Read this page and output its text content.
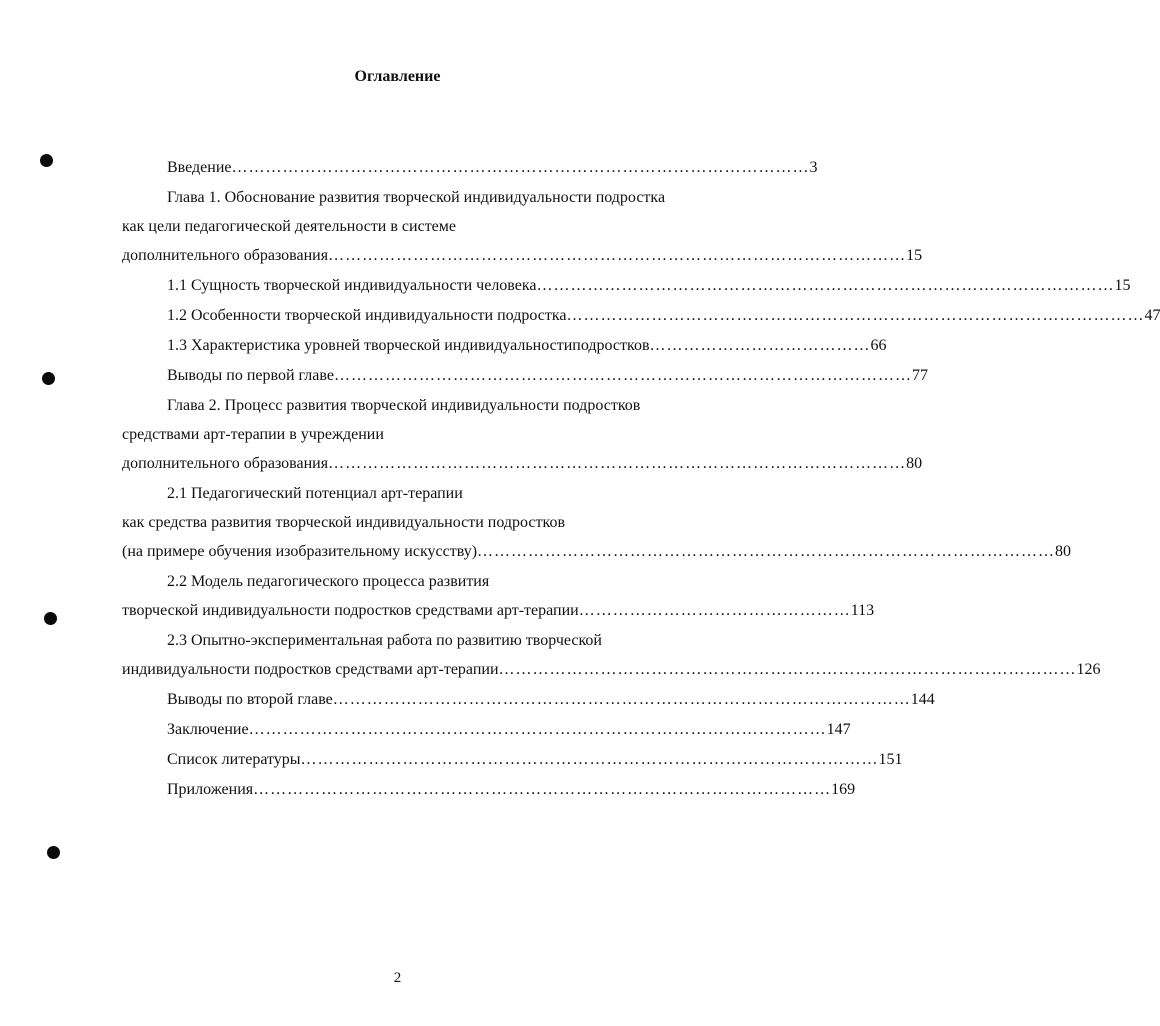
Оглавление
Введение ………………………………………………………………………………………… 3
Глава 1. Обоснование развития творческой индивидуальности подростка
как цели педагогической деятельности в системе
дополнительного образования ………………………………………………………………………………………… 15
1.1 Сущность творческой индивидуальности человека ………………………………………………………………………………………… 15
1.2 Особенности творческой индивидуальности подростка ………………………………………………………………………………………… 47
1.3 Характеристика уровней творческой индивидуальностиподростков ………………………………… 66
Выводы по первой главе ………………………………………………………………………………………… 77
Глава 2. Процесс развития творческой индивидуальности подростков
средствами арт-терапии в учреждении
дополнительного образования ………………………………………………………………………………………… 80
2.1 Педагогический потенциал арт-терапии
как средства развития творческой индивидуальности подростков
(на примере обучения изобразительному искусству) ………………………………………………………………………………………… 80
2.2 Модель педагогического процесса развития
творческой индивидуальности подростков средствами арт-терапии ………………………………………… 113
2.3 Опытно-экспериментальная работа по развитию творческой
индивидуальности подростков средствами арт-терапии ………………………………………………………………………………………… 126
Выводы по второй главе ………………………………………………………………………………………… 144
Заключение ………………………………………………………………………………………… 147
Список литературы ………………………………………………………………………………………… 151
Приложения ………………………………………………………………………………………… 169
2
